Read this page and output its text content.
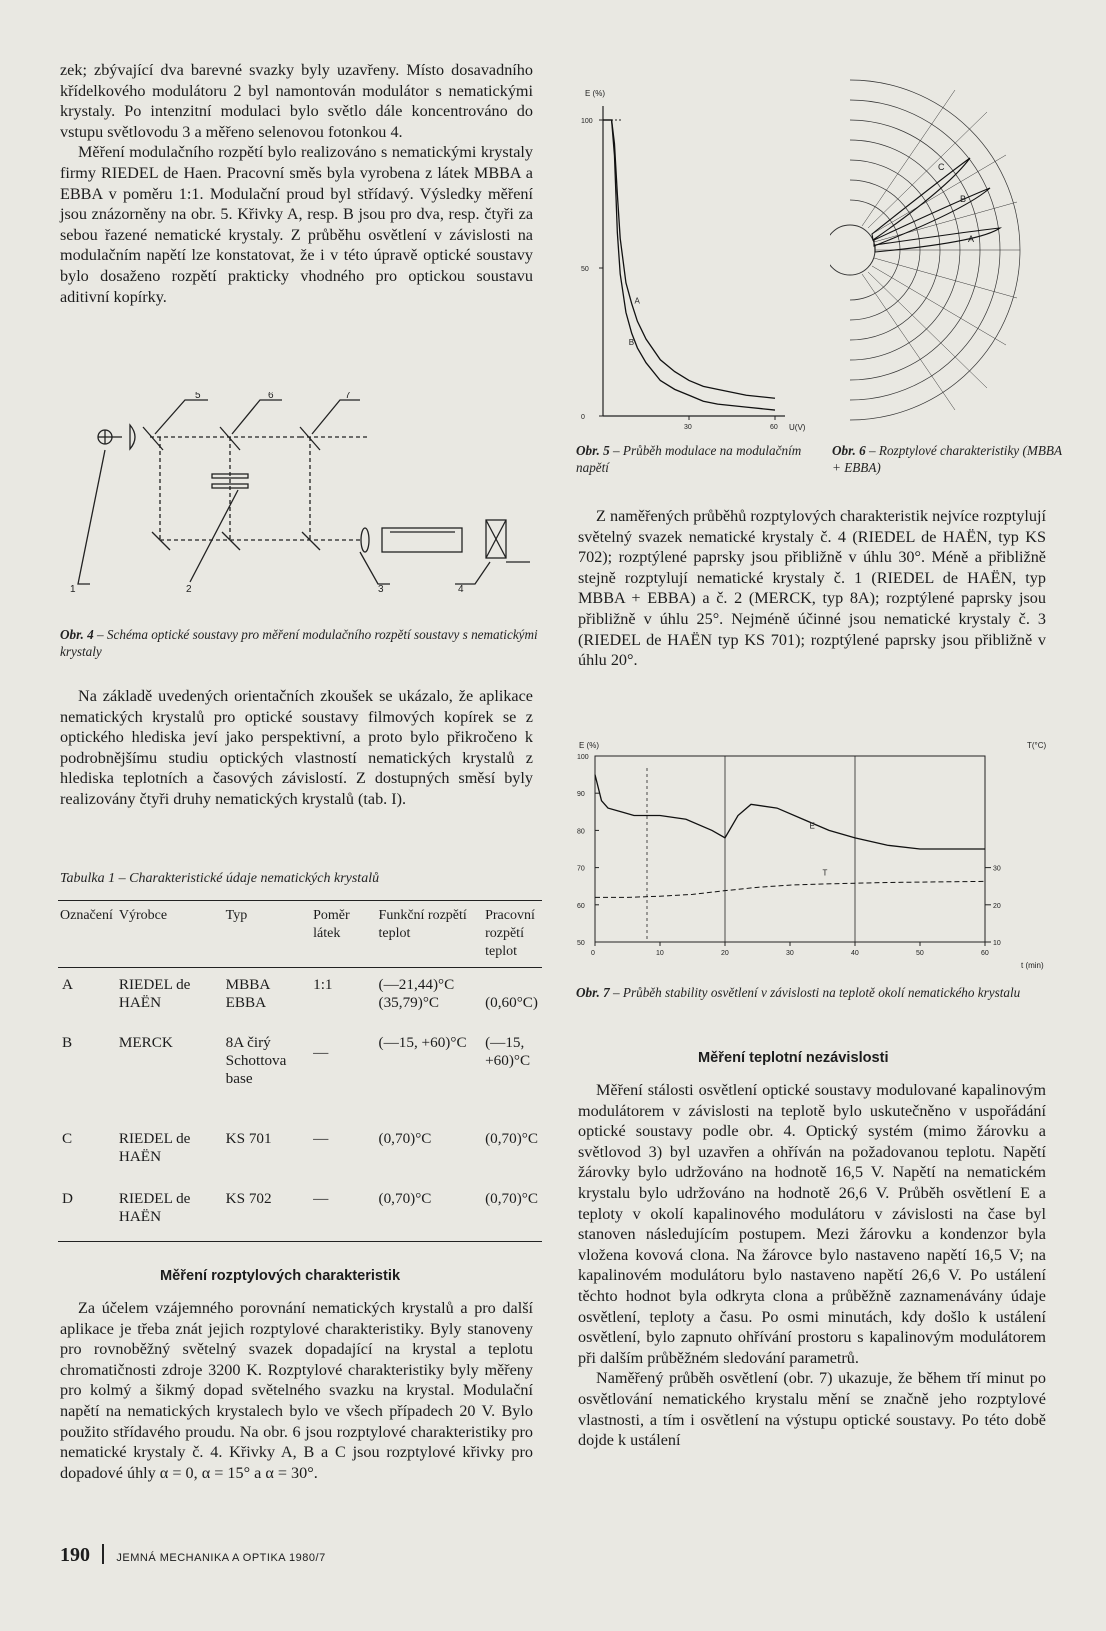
zek; zbývající dva barevné svazky byly uzavřeny. Místo dosavadního křídelkového modulátoru 2 byl namontován modulátor s nematickými krystaly. Po intenzitní modulaci bylo světlo dále koncentrováno do vstupu světlovodu 3 a měřeno selenovou fotonkou 4.

Měření modulačního rozpětí bylo realizováno s nematickými krystaly firmy RIEDEL de Haen. Pracovní směs byla vyrobena z látek MBBA a EBBA v poměru 1:1. Modulační proud byl střídavý. Výsledky měření jsou znázorněny na obr. 5. Křivky A, resp. B jsou pro dva, resp. čtyři za sebou řazené nematické krystaly. Z průběhu osvětlení v závislosti na modulačním napětí lze konstatovat, že i v této úpravě optické soustavy bylo dosaženo rozpětí prakticky vhodného pro optickou soustavu aditivní kopírky.

5	6	7
1	2	3	4
Obr. 4 – Schéma optické soustavy pro měření modulačního rozpětí soustavy s nematickými krystaly

Na základě uvedených orientačních zkoušek se ukázalo, že aplikace nematických krystalů pro optické soustavy filmových kopírek se z optického hlediska jeví jako perspektivní, a proto bylo přikročeno k podrobnějšímu studiu optických vlastností nematických krystalů z hlediska teplotních a časových závislostí. Z dostupných směsí byly realizovány čtyři druhy nematických krystalů (tab. I).

Tabulka 1 – Charakteristické údaje nematických krystalů
Označení	Výrobce	Typ	Poměr látek	Funkční rozpětí teplot	Pracovní rozpětí teplot
A	RIEDEL de HAËN	MBBA EBBA	1:1	(—21,44)°C (35,79)°C	(0,60°C)
B	MERCK	8A čirý Schottova base	—	(—15, +60)°C	(—15, +60)°C
C	RIEDEL de HAËN	KS 701	—	(0,70)°C	(0,70)°C
D	RIEDEL de HAËN	KS 702	—	(0,70)°C	(0,70)°C
Měření rozptylových charakteristik

Za účelem vzájemného porovnání nematických krystalů a pro další aplikace je třeba znát jejich rozptylové charakteristiky. Byly stanoveny pro rovnoběžný světelný svazek dopadající na krystal a teplotu chromatičnosti zdroje 3200 K. Rozptylové charakteristiky byly měřeny pro kolmý a šikmý dopad světelného svazku na krystal. Modulační napětí na nematických krystalech bylo ve všech případech 20 V. Bylo použito střídavého proudu. Na obr. 6 jsou rozptylové charakteristiky pro nematické krystaly č. 4. Křivky A, B a C jsou rozptylové křivky pro dopadové úhly α = 0, α = 15° a α = 30°.

E (%)
U(V)
100
50
0
30	60
A
B
Obr. 5 – Průběh modulace na modulačním napětí
A
B
C
Obr. 6 – Rozptylové charakteristiky (MBBA + EBBA)

Z naměřených průběhů rozptylových charakteristik nejvíce rozptylují světelný svazek nematické krystaly č. 4 (RIEDEL de HAËN, typ KS 702); rozptýlené paprsky jsou přibližně v úhlu 30°. Méně a přibližně stejně rozptylují nematické krystaly č. 1 (RIEDEL de HAËN, typ MBBA + EBBA) a č. 2 (MERCK, typ 8A); rozptýlené paprsky jsou přibližně v úhlu 25°. Nejméně účinné jsou nematické krystaly č. 3 (RIEDEL de HAËN typ KS 701); rozptýlené paprsky jsou přibližně v úhlu 20°.

E (%)	T(°C)
t (min)
100
90
80
70
60
50
30
20
10
0	10	20	30	40	50	60
E
T
Obr. 7 – Průběh stability osvětlení v závislosti na teplotě okolí nematického krystalu
Měření teplotní nezávislosti

Měření stálosti osvětlení optické soustavy modulované kapalinovým modulátorem v závislosti na teplotě bylo uskutečněno v uspořádání optické soustavy podle obr. 4. Optický systém (mimo žárovku a světlovod 3) byl uzavřen a ohříván na požadovanou teplotu. Napětí žárovky bylo udržováno na hodnotě 16,5 V. Napětí na nematickém krystalu bylo udržováno na hodnotě 26,6 V. Průběh osvětlení E a teploty v okolí kapalinového modulátoru v závislosti na čase byl stanoven následujícím postupem. Mezi žárovku a kondenzor byla vložena kovová clona. Na žárovce bylo nastaveno napětí 16,5 V; na kapalinovém modulátoru bylo nastaveno napětí 26,6 V. Po ustálení těchto hodnot byla odkryta clona a průběžně zaznamenávány údaje osvětlení, teploty a času. Po osmi minutách, kdy došlo k ustálení osvětlení, bylo zapnuto ohřívání prostoru s kapalinovým modulátorem při dalším průběžném sledování parametrů.

Naměřený průběh osvětlení (obr. 7) ukazuje, že během tří minut po osvětlování nematického krystalu mění se značně jeho rozptylové vlastnosti, a tím i osvětlení na výstupu optické soustavy. Po této době dojde k ustálení

190 JEMNÁ MECHANIKA A OPTIKA 1980/7
